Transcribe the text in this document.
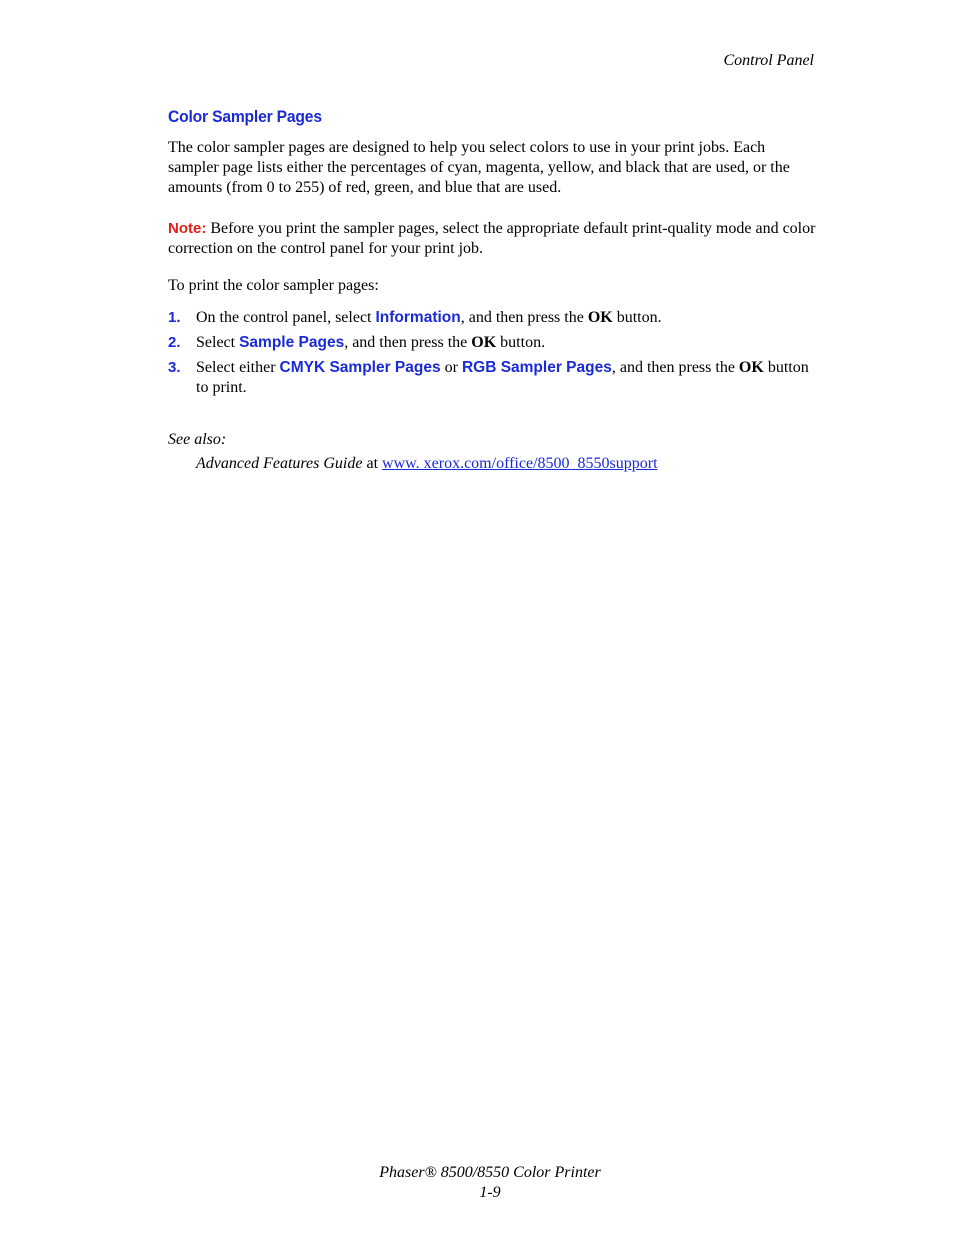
Control Panel
Color Sampler Pages

The color sampler pages are designed to help you select colors to use in your print jobs. Each sampler page lists either the percentages of cyan, magenta, yellow, and black that are used, or the amounts (from 0 to 255) of red, green, and blue that are used.

Note: Before you print the sampler pages, select the appropriate default print-quality mode and color correction on the control panel for your print job.

To print the color sampler pages:

1. On the control panel, select Information, and then press the OK button.
2. Select Sample Pages, and then press the OK button.
3. Select either CMYK Sampler Pages or RGB Sampler Pages, and then press the OK button to print.
See also:
Advanced Features Guide at www. xerox.com/office/8500_8550support
Phaser® 8500/8550 Color Printer
1-9
